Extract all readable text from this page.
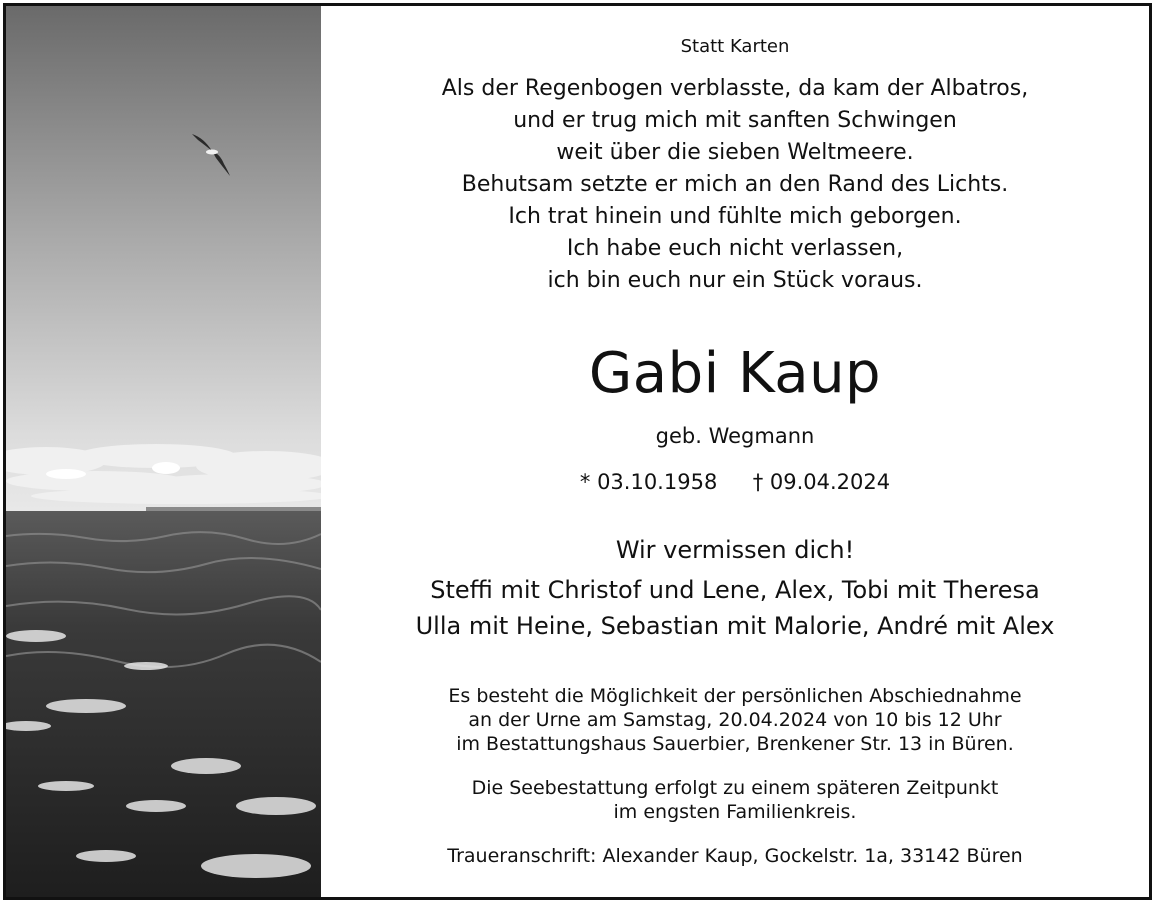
Statt Karten
Als der Regenbogen verblasste, da kam der Albatros,
und er trug mich mit sanften Schwingen
weit über die sieben Weltmeere.
Behutsam setzte er mich an den Rand des Lichts.
Ich trat hinein und fühlte mich geborgen.
Ich habe euch nicht verlassen,
ich bin euch nur ein Stück voraus.
Gabi Kaup
geb. Wegmann
* 03.10.1958 † 09.04.2024
Wir vermissen dich!
Steffi mit Christof und Lene, Alex, Tobi mit Theresa
Ulla mit Heine, Sebastian mit Malorie, André mit Alex
Es besteht die Möglichkeit der persönlichen Abschiednahme
an der Urne am Samstag, 20.04.2024 von 10 bis 12 Uhr
im Bestattungshaus Sauerbier, Brenkener Str. 13 in Büren.
Die Seebestattung erfolgt zu einem späteren Zeitpunkt
im engsten Familienkreis.
Traueranschrift: Alexander Kaup, Gockelstr. 1a, 33142 Büren
